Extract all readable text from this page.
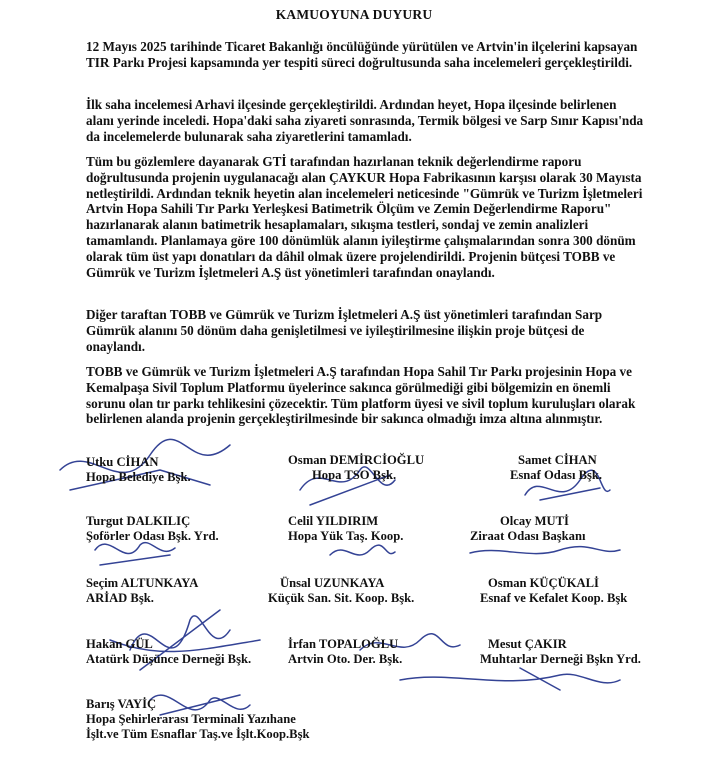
KAMUOYUNA DUYURU

12 Mayıs 2025 tarihinde Ticaret Bakanlığı öncülüğünde yürütülen ve Artvin'in ilçelerini kapsayan TIR Parkı Projesi kapsamında yer tespiti süreci doğrultusunda saha incelemeleri gerçekleştirildi.

İlk saha incelemesi Arhavi ilçesinde gerçekleştirildi. Ardından heyet, Hopa ilçesinde belirlenen alanı yerinde inceledi. Hopa'daki saha ziyareti sonrasında, Termik bölgesi ve Sarp Sınır Kapısı'nda da incelemelerde bulunarak saha ziyaretlerini tamamladı.

Tüm bu gözlemlere dayanarak GTİ tarafından hazırlanan teknik değerlendirme raporu doğrultusunda projenin uygulanacağı alan ÇAYKUR Hopa Fabrikasının karşısı olarak 30 Mayısta netleştirildi. Ardından teknik heyetin alan incelemeleri neticesinde "Gümrük ve Turizm İşletmeleri Artvin Hopa Sahili Tır Parkı Yerleşkesi Batimetrik Ölçüm ve Zemin Değerlendirme Raporu" hazırlanarak alanın batimetrik hesaplamaları, sıkışma testleri, sondaj ve zemin analizleri tamamlandı. Planlamaya göre 100 dönümlük alanın iyileştirme çalışmalarından sonra 300 dönüm olarak tüm üst yapı donatıları da dâhil olmak üzere projelendirildi. Projenin bütçesi TOBB ve Gümrük ve Turizm İşletmeleri A.Ş üst yönetimleri tarafından onaylandı.

Diğer taraftan TOBB ve Gümrük ve Turizm İşletmeleri A.Ş üst yönetimleri tarafından Sarp Gümrük alanını 50 dönüm daha genişletilmesi ve iyileştirilmesine ilişkin proje bütçesi de onaylandı.

TOBB ve Gümrük ve Turizm İşletmeleri A.Ş tarafından Hopa Sahil Tır Parkı projesinin Hopa ve Kemalpaşa Sivil Toplum Platformu üyelerince sakınca görülmediği gibi bölgemizin en önemli sorunu olan tır parkı tehlikesini çözecektir. Tüm platform üyesi ve sivil toplum kuruluşları olarak belirlenen alanda projenin gerçekleştirilmesinde bir sakınca olmadığı imza altına alınmıştır.

Utku CİHAN
Hopa Belediye Bşk.
Osman DEMİRCİOĞLU
Hopa TSO Bşk.
Samet CİHAN
Esnaf Odası Bşk.
Turgut DALKILIÇ
Şoförler Odası Bşk. Yrd.
Celil YILDIRIM
Hopa Yük Taş. Koop.
Olcay MUTİ
Ziraat Odası Başkanı
Seçim ALTUNKAYA
ARİAD Bşk.
Ünsal UZUNKAYA
Küçük San. Sit. Koop. Bşk.
Osman KÜÇÜKALİ
Esnaf ve Kefalet Koop. Bşk
Hakan GÜL
Atatürk Düşünce Derneği Bşk.
İrfan TOPALOĞLU
Artvin Oto. Der. Bşk.
Mesut ÇAKIR
Muhtarlar Derneği Bşkn Yrd.
Barış VAYİÇ
Hopa Şehirlerarası Terminali Yazıhane
İşlt.ve Tüm Esnaflar Taş.ve İşlt.Koop.Bşk
